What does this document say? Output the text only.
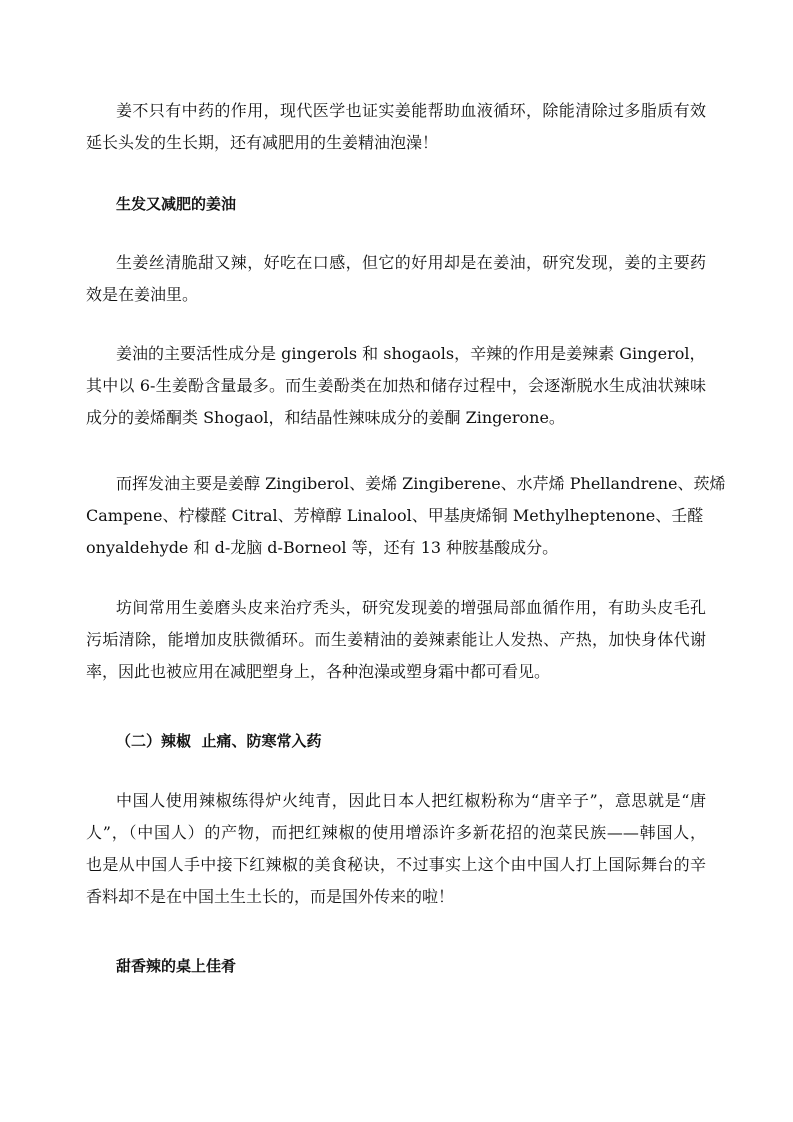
姜不只有中药的作用，现代医学也证实姜能帮助血液循环，除能清除过多脂质有效

延长头发的生长期，还有减肥用的生姜精油泡澡！

生发又减肥的姜油

生姜丝清脆甜又辣，好吃在口感，但它的好用却是在姜油，研究发现，姜的主要药

效是在姜油里。

姜油的主要活性成分是 gingerols 和 shogaols，辛辣的作用是姜辣素 Gingerol，

其中以 6-生姜酚含量最多。而生姜酚类在加热和储存过程中，会逐渐脱水生成油状辣味

成分的姜烯酮类 Shogaol，和结晶性辣味成分的姜酮 Zingerone。

而挥发油主要是姜醇 Zingiberol、姜烯 Zingiberene、水芹烯 Phellandrene、莰烯

Campene、柠檬醛 Citral、芳樟醇 Linalool、甲基庚烯铜 Methylheptenone、壬醛

onyaldehyde 和 d-龙脑 d-Borneol 等，还有 13 种胺基酸成分。

坊间常用生姜磨头皮来治疗秃头，研究发现姜的增强局部血循作用，有助头皮毛孔

污垢清除，能增加皮肤微循环。而生姜精油的姜辣素能让人发热、产热，加快身体代谢

率，因此也被应用在减肥塑身上，各种泡澡或塑身霜中都可看见。

（二）辣椒  止痛、防寒常入药

中国人使用辣椒练得炉火纯青，因此日本人把红椒粉称为“唐辛子”，意思就是“唐

人”，（中国人）的产物，而把红辣椒的使用增添许多新花招的泡菜民族——韩国人，

也是从中国人手中接下红辣椒的美食秘诀，不过事实上这个由中国人打上国际舞台的辛

香料却不是在中国土生土长的，而是国外传来的啦！

甜香辣的桌上佳肴
